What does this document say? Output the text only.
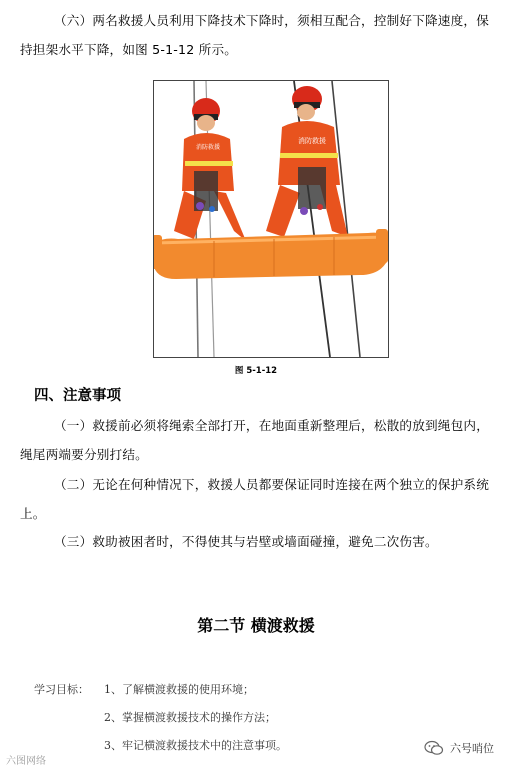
（六）两名救援人员利用下降技术下降时，须相互配合，控制好下降速度，保持担架水平下降，如图 5-1-12 所示。
消防救援
消防救援
图 5-1-12
四、注意事项
（一）救援前必须将绳索全部打开，在地面重新整理后，松散的放到绳包内，绳尾两端要分别打结。
（二）无论在何种情况下，救援人员都要保证同时连接在两个独立的保护系统上。
（三）救助被困者时，不得使其与岩壁或墙面碰撞，避免二次伤害。
第二节 横渡救援
学习目标： 1、了解横渡救援的使用环境；
2、掌握横渡救援技术的操作方法；
3、牢记横渡救援技术中的注意事项。
六图网络
六号哨位
